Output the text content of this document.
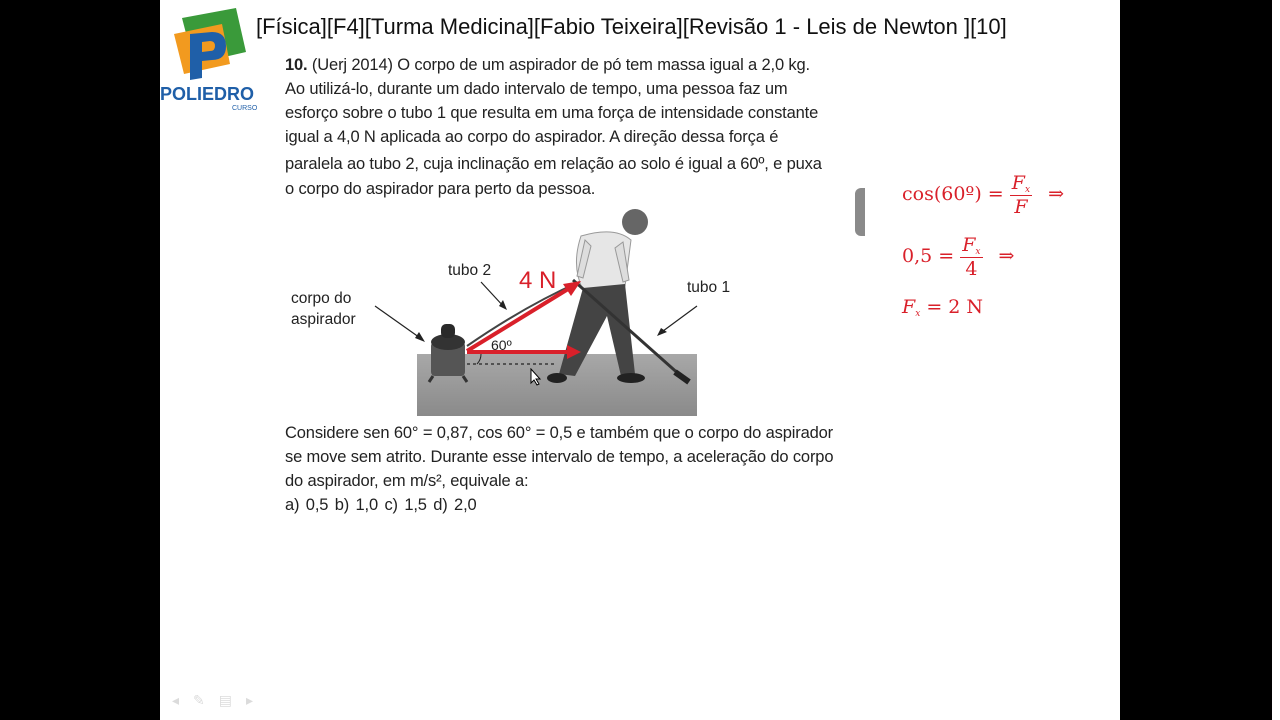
POLIEDRO
CURSO
[Física][F4][Turma Medicina][Fabio Teixeira][Revisão 1 - Leis de Newton ][10]
10. (Uerj 2014) O corpo de um aspirador de pó tem massa igual a 2,0 kg.
Ao utilizá-lo, durante um dado intervalo de tempo, uma pessoa faz um
esforço sobre o tubo 1 que resulta em uma força de intensidade constante
igual a 4,0 N aplicada ao corpo do aspirador. A direção dessa força é
paralela ao tubo 2, cuja inclinação em relação ao solo é igual a 60º, e puxa
o corpo do aspirador para perto da pessoa.
corpo do
aspirador
tubo 2
tubo 1
60º
4 N
Considere sen 60° = 0,87, cos 60° = 0,5 e também que o corpo do aspirador
se move sem atrito. Durante esse intervalo de tempo, a aceleração do corpo
do aspirador, em m/s², equivale a:
a) 0,5 b) 1,0 c) 1,5 d) 2,0
cos(60º) = $\frac{F_x}{F}$ ⇒
$0,5 = \frac{F_x}{4}$ ⇒
$F_x = 2$ N
◂ ✎ ▤ ▸
